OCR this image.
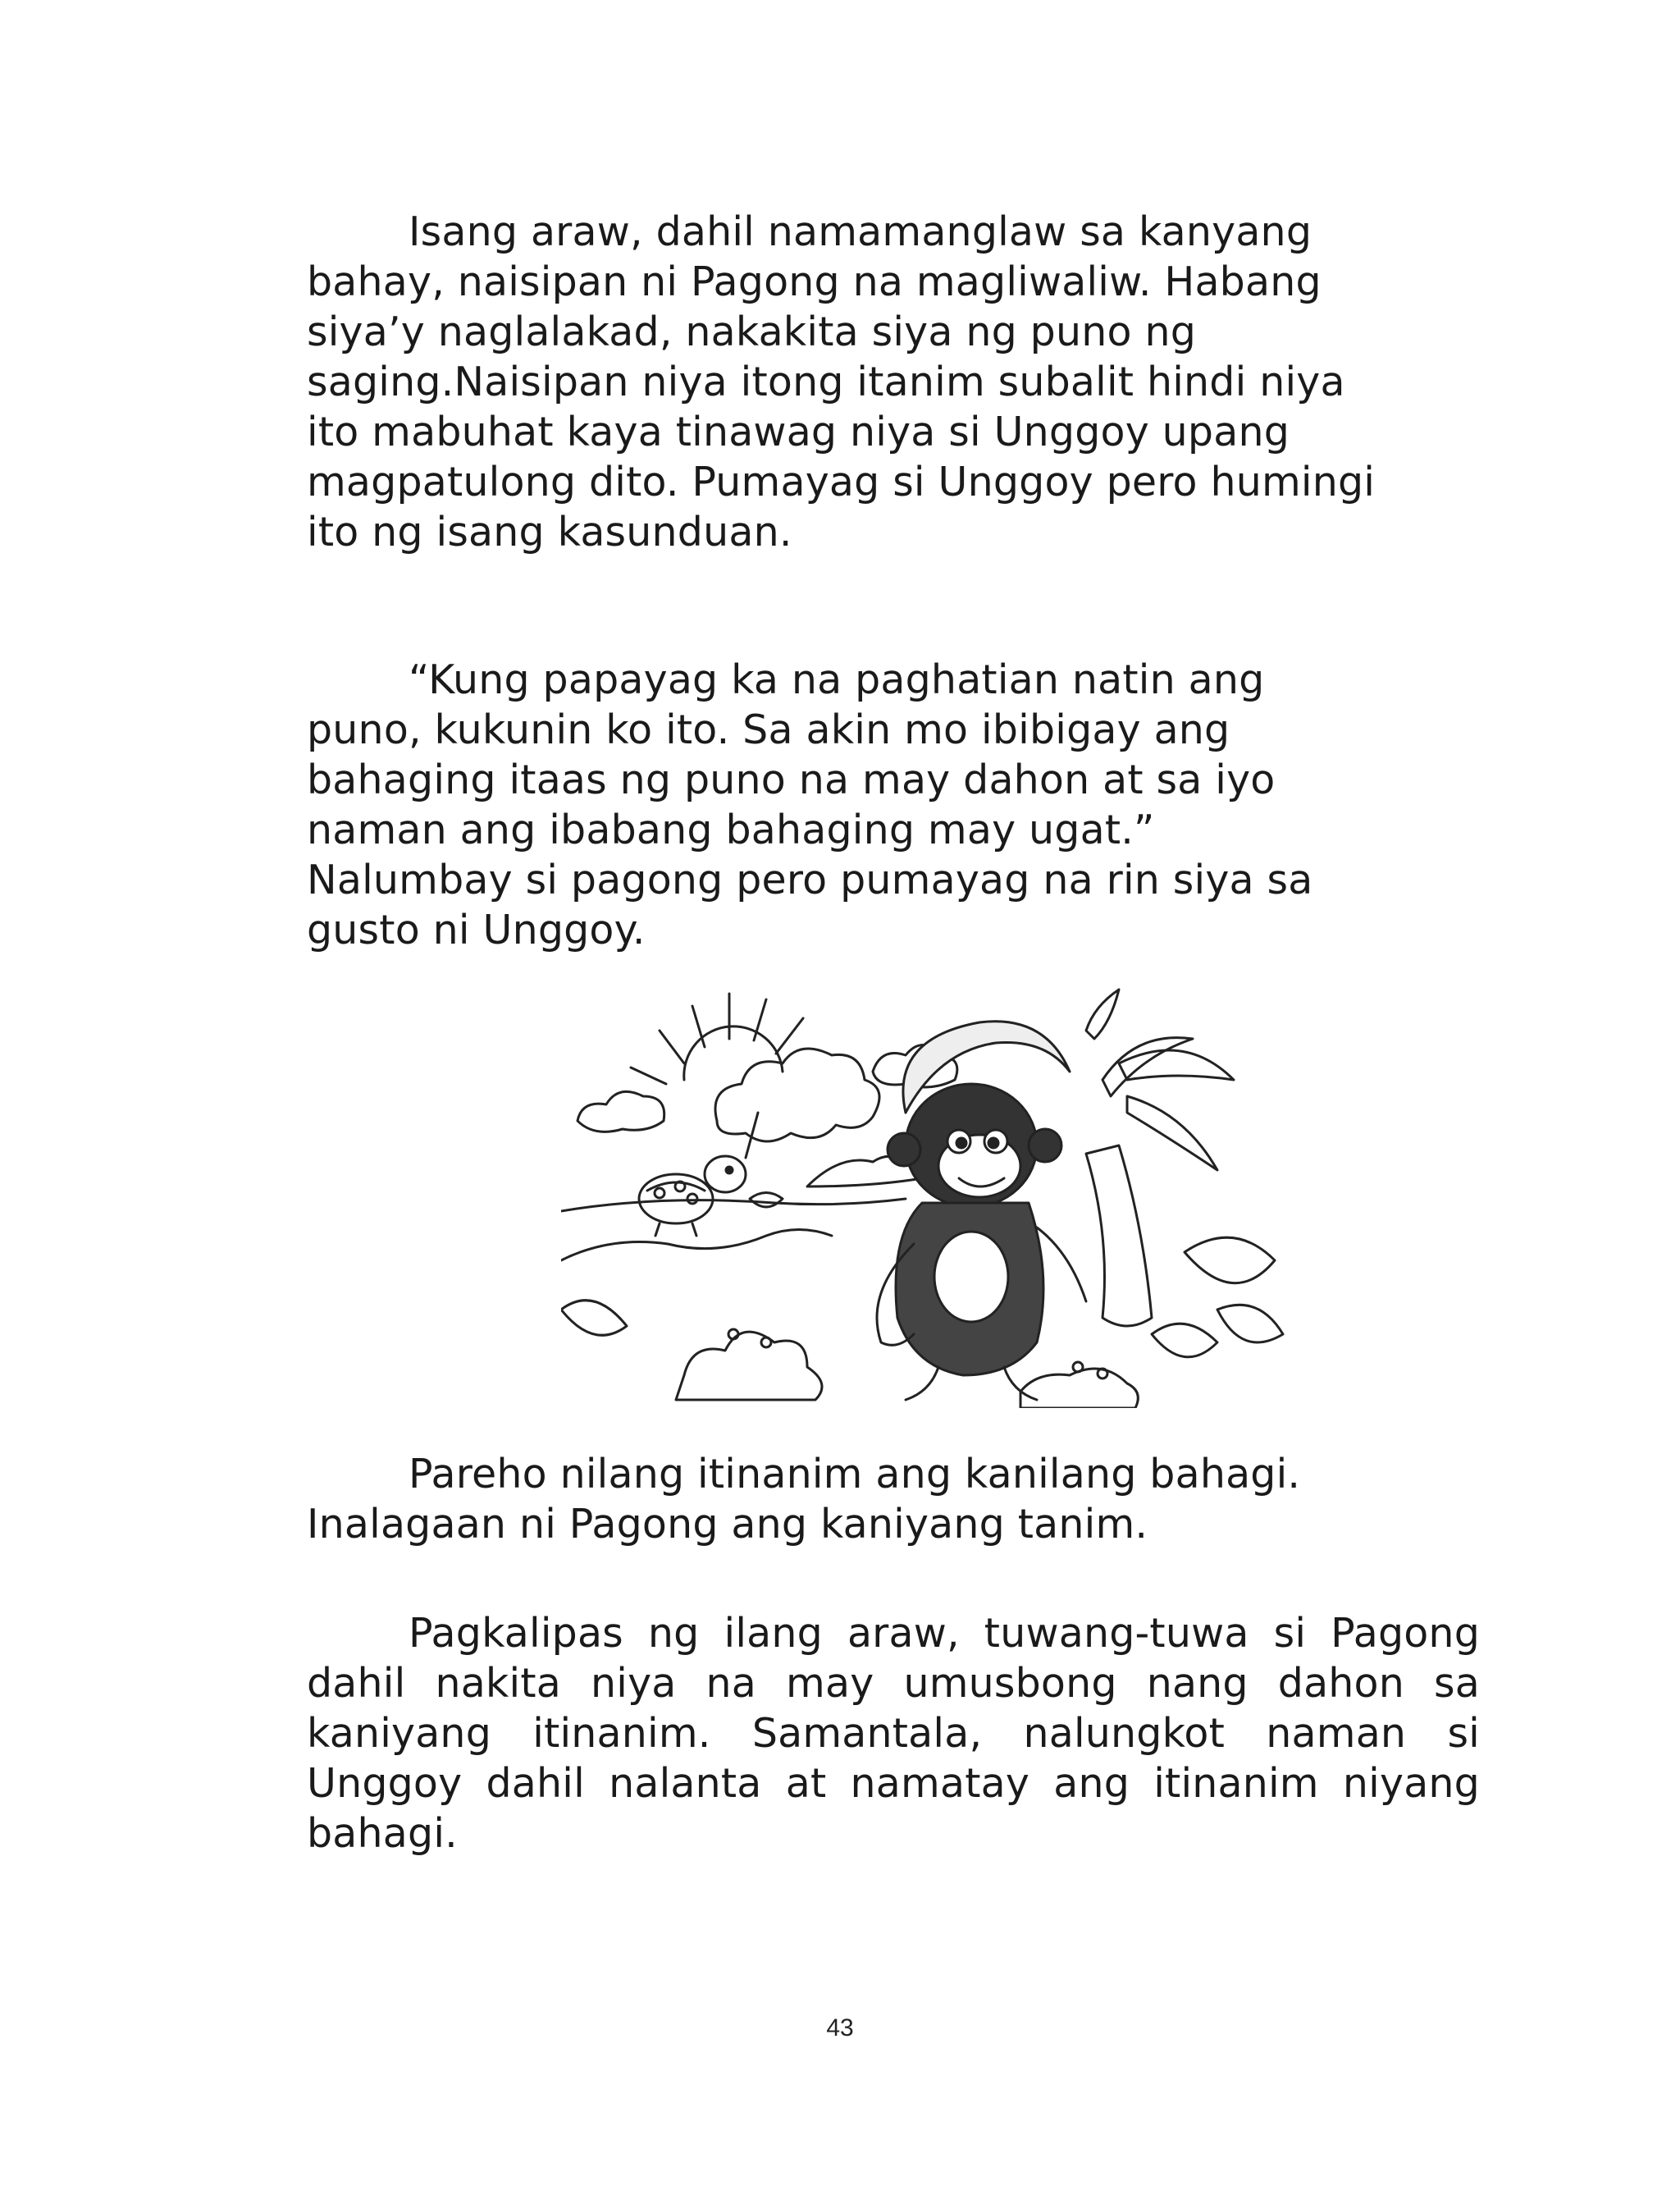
Isang araw, dahil namamanglaw sa kanyang

bahay, naisipan ni Pagong na magliwaliw. Habang

siya’y naglalakad, nakakita siya ng puno ng

saging.Naisipan niya itong itanim subalit hindi niya

ito mabuhat kaya tinawag niya si Unggoy upang

magpatulong dito. Pumayag si Unggoy pero humingi

ito ng isang kasunduan.

“Kung papayag ka na paghatian natin ang

puno, kukunin ko ito. Sa akin mo ibibigay ang

bahaging itaas ng puno na may dahon at sa iyo

naman ang ibabang bahaging may ugat.”

Nalumbay si pagong pero pumayag na rin siya sa

gusto ni Unggoy.

Pareho nilang itinanim ang kanilang bahagi.

Inalagaan ni Pagong ang kaniyang tanim.

Pagkalipas ng ilang araw, tuwang-tuwa si Pagong dahil nakita niya na may umusbong nang dahon sa kaniyang itinanim. Samantala, nalungkot naman si Unggoy dahil nalanta at namatay ang itinanim niyang bahagi.

43
